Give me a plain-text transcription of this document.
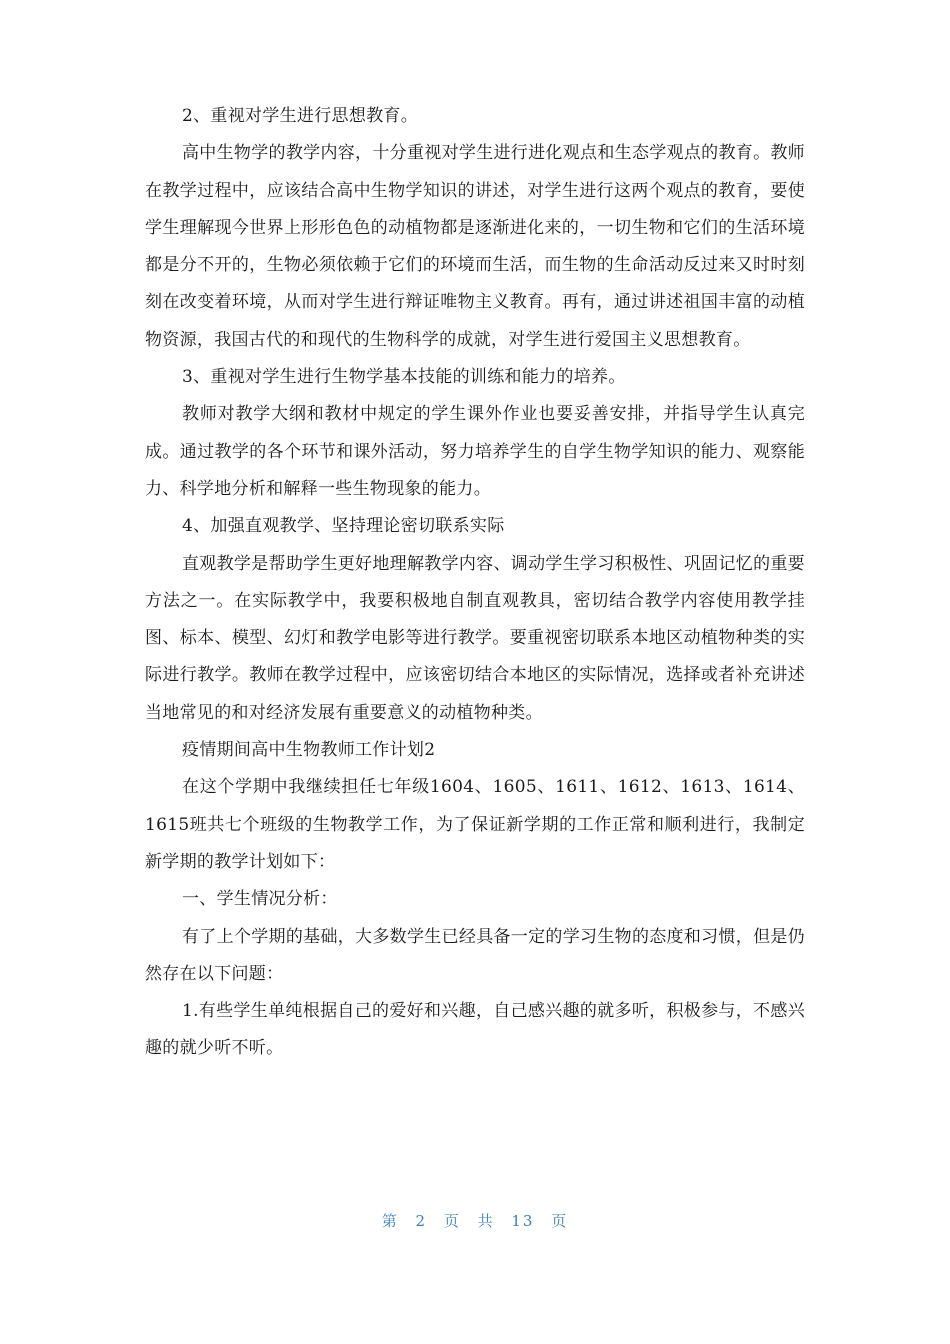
2、重视对学生进行思想教育。

高中生物学的教学内容，十分重视对学生进行进化观点和生态学观点的教育。教师在教学过程中，应该结合高中生物学知识的讲述，对学生进行这两个观点的教育，要使学生理解现今世界上形形色色的动植物都是逐渐进化来的，一切生物和它们的生活环境都是分不开的，生物必须依赖于它们的环境而生活，而生物的生命活动反过来又时时刻刻在改变着环境，从而对学生进行辩证唯物主义教育。再有，通过讲述祖国丰富的动植物资源，我国古代的和现代的生物科学的成就，对学生进行爱国主义思想教育。

3、重视对学生进行生物学基本技能的训练和能力的培养。

教师对教学大纲和教材中规定的学生课外作业也要妥善安排，并指导学生认真完成。通过教学的各个环节和课外活动，努力培养学生的自学生物学知识的能力、观察能力、科学地分析和解释一些生物现象的能力。

4、加强直观教学、坚持理论密切联系实际

直观教学是帮助学生更好地理解教学内容、调动学生学习积极性、巩固记忆的重要方法之一。在实际教学中，我要积极地自制直观教具，密切结合教学内容使用教学挂图、标本、模型、幻灯和教学电影等进行教学。要重视密切联系本地区动植物种类的实际进行教学。教师在教学过程中，应该密切结合本地区的实际情况，选择或者补充讲述当地常见的和对经济发展有重要意义的动植物种类。

疫情期间高中生物教师工作计划2

在这个学期中我继续担任七年级1604、1605、1611、1612、1613、1614、1615班共七个班级的生物教学工作，为了保证新学期的工作正常和顺利进行，我制定新学期的教学计划如下：

一、学生情况分析：

有了上个学期的基础，大多数学生已经具备一定的学习生物的态度和习惯，但是仍然存在以下问题：

1.有些学生单纯根据自己的爱好和兴趣，自己感兴趣的就多听，积极参与，不感兴趣的就少听不听。

第 2 页 共 13 页
